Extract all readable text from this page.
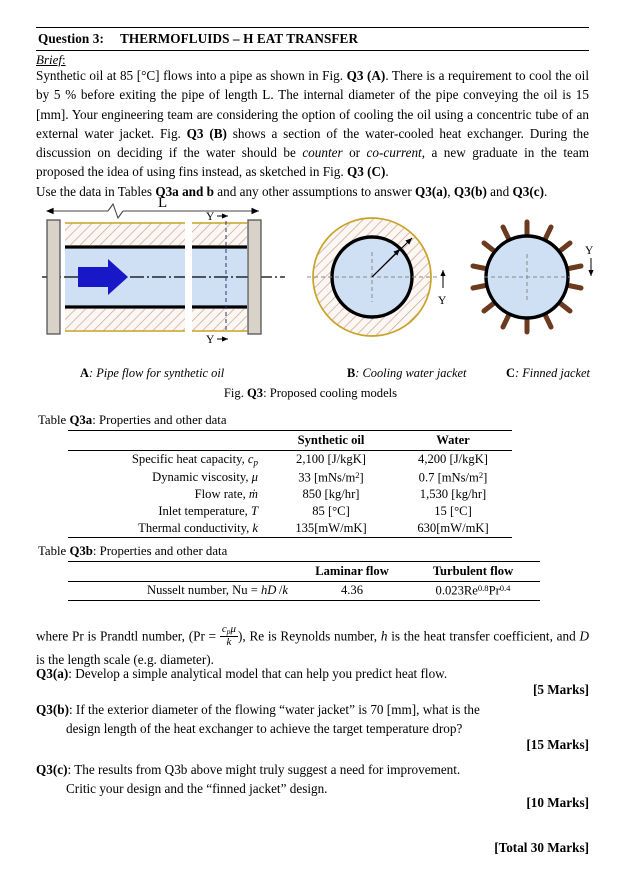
Question 3: THERMOFLUIDS – H EAT TRANSFER
Brief:
Synthetic oil at 85 [°C] flows into a pipe as shown in Fig. Q3 (A). There is a requirement to cool the oil by 5 % before exiting the pipe of length L. The internal diameter of the pipe conveying the oil is 15 [mm]. Your engineering team are considering the option of cooling the oil using a concentric tube of an external water jacket. Fig. Q3 (B) shows a section of the water-cooled heat exchanger. During the discussion on deciding if the water should be counter or co-current, a new graduate in the team proposed the idea of using fins instead, as sketched in Fig. Q3 (C).
Use the data in Tables Q3a and b and any other assumptions to answer Q3(a), Q3(b) and Q3(c).
L
Y
Y
Y
Y
A: Pipe flow for synthetic oil	B: Cooling water jacket	C: Finned jacket
Fig. Q3: Proposed cooling models
Table Q3a: Properties and other data
	Synthetic oil	Water
Specific heat capacity, $c_p$	2,100 [J/kgK]	4,200 [J/kgK]
Dynamic viscosity, μ	33 $[mNs/m^2]$	0.7 $[mNs/m^2]$
Flow rate, ṁ	850 [kg/hr]	1,530 [kg/hr]
Inlet temperature, T	85 [°C]	15 [°C]
Thermal conductivity, k	135[mW/mK]	630[mW/mK]
Table Q3b: Properties and other data
	Laminar flow	Turbulent flow
Nusselt number, Nu = hD /k	4.36	$0.023Re^{0.8}Pr^{0.4}$
where Pr is Prandtl number, ($Pr = \frac{c_p\mu}{k}$ ), Re is Reynolds number, h is the heat transfer coefficient, and D is the length scale (e.g. diameter).
Q3(a): Develop a simple analytical model that can help you predict heat flow.
[5 Marks]
Q3(b): If the exterior diameter of the flowing “water jacket” is 70 [mm], what is the
design length of the heat exchanger to achieve the target temperature drop?
[15 Marks]
Q3(c): The results from Q3b above might truly suggest a need for improvement.
Critic your design and the “finned jacket” design.
[10 Marks]
[Total 30 Marks]
